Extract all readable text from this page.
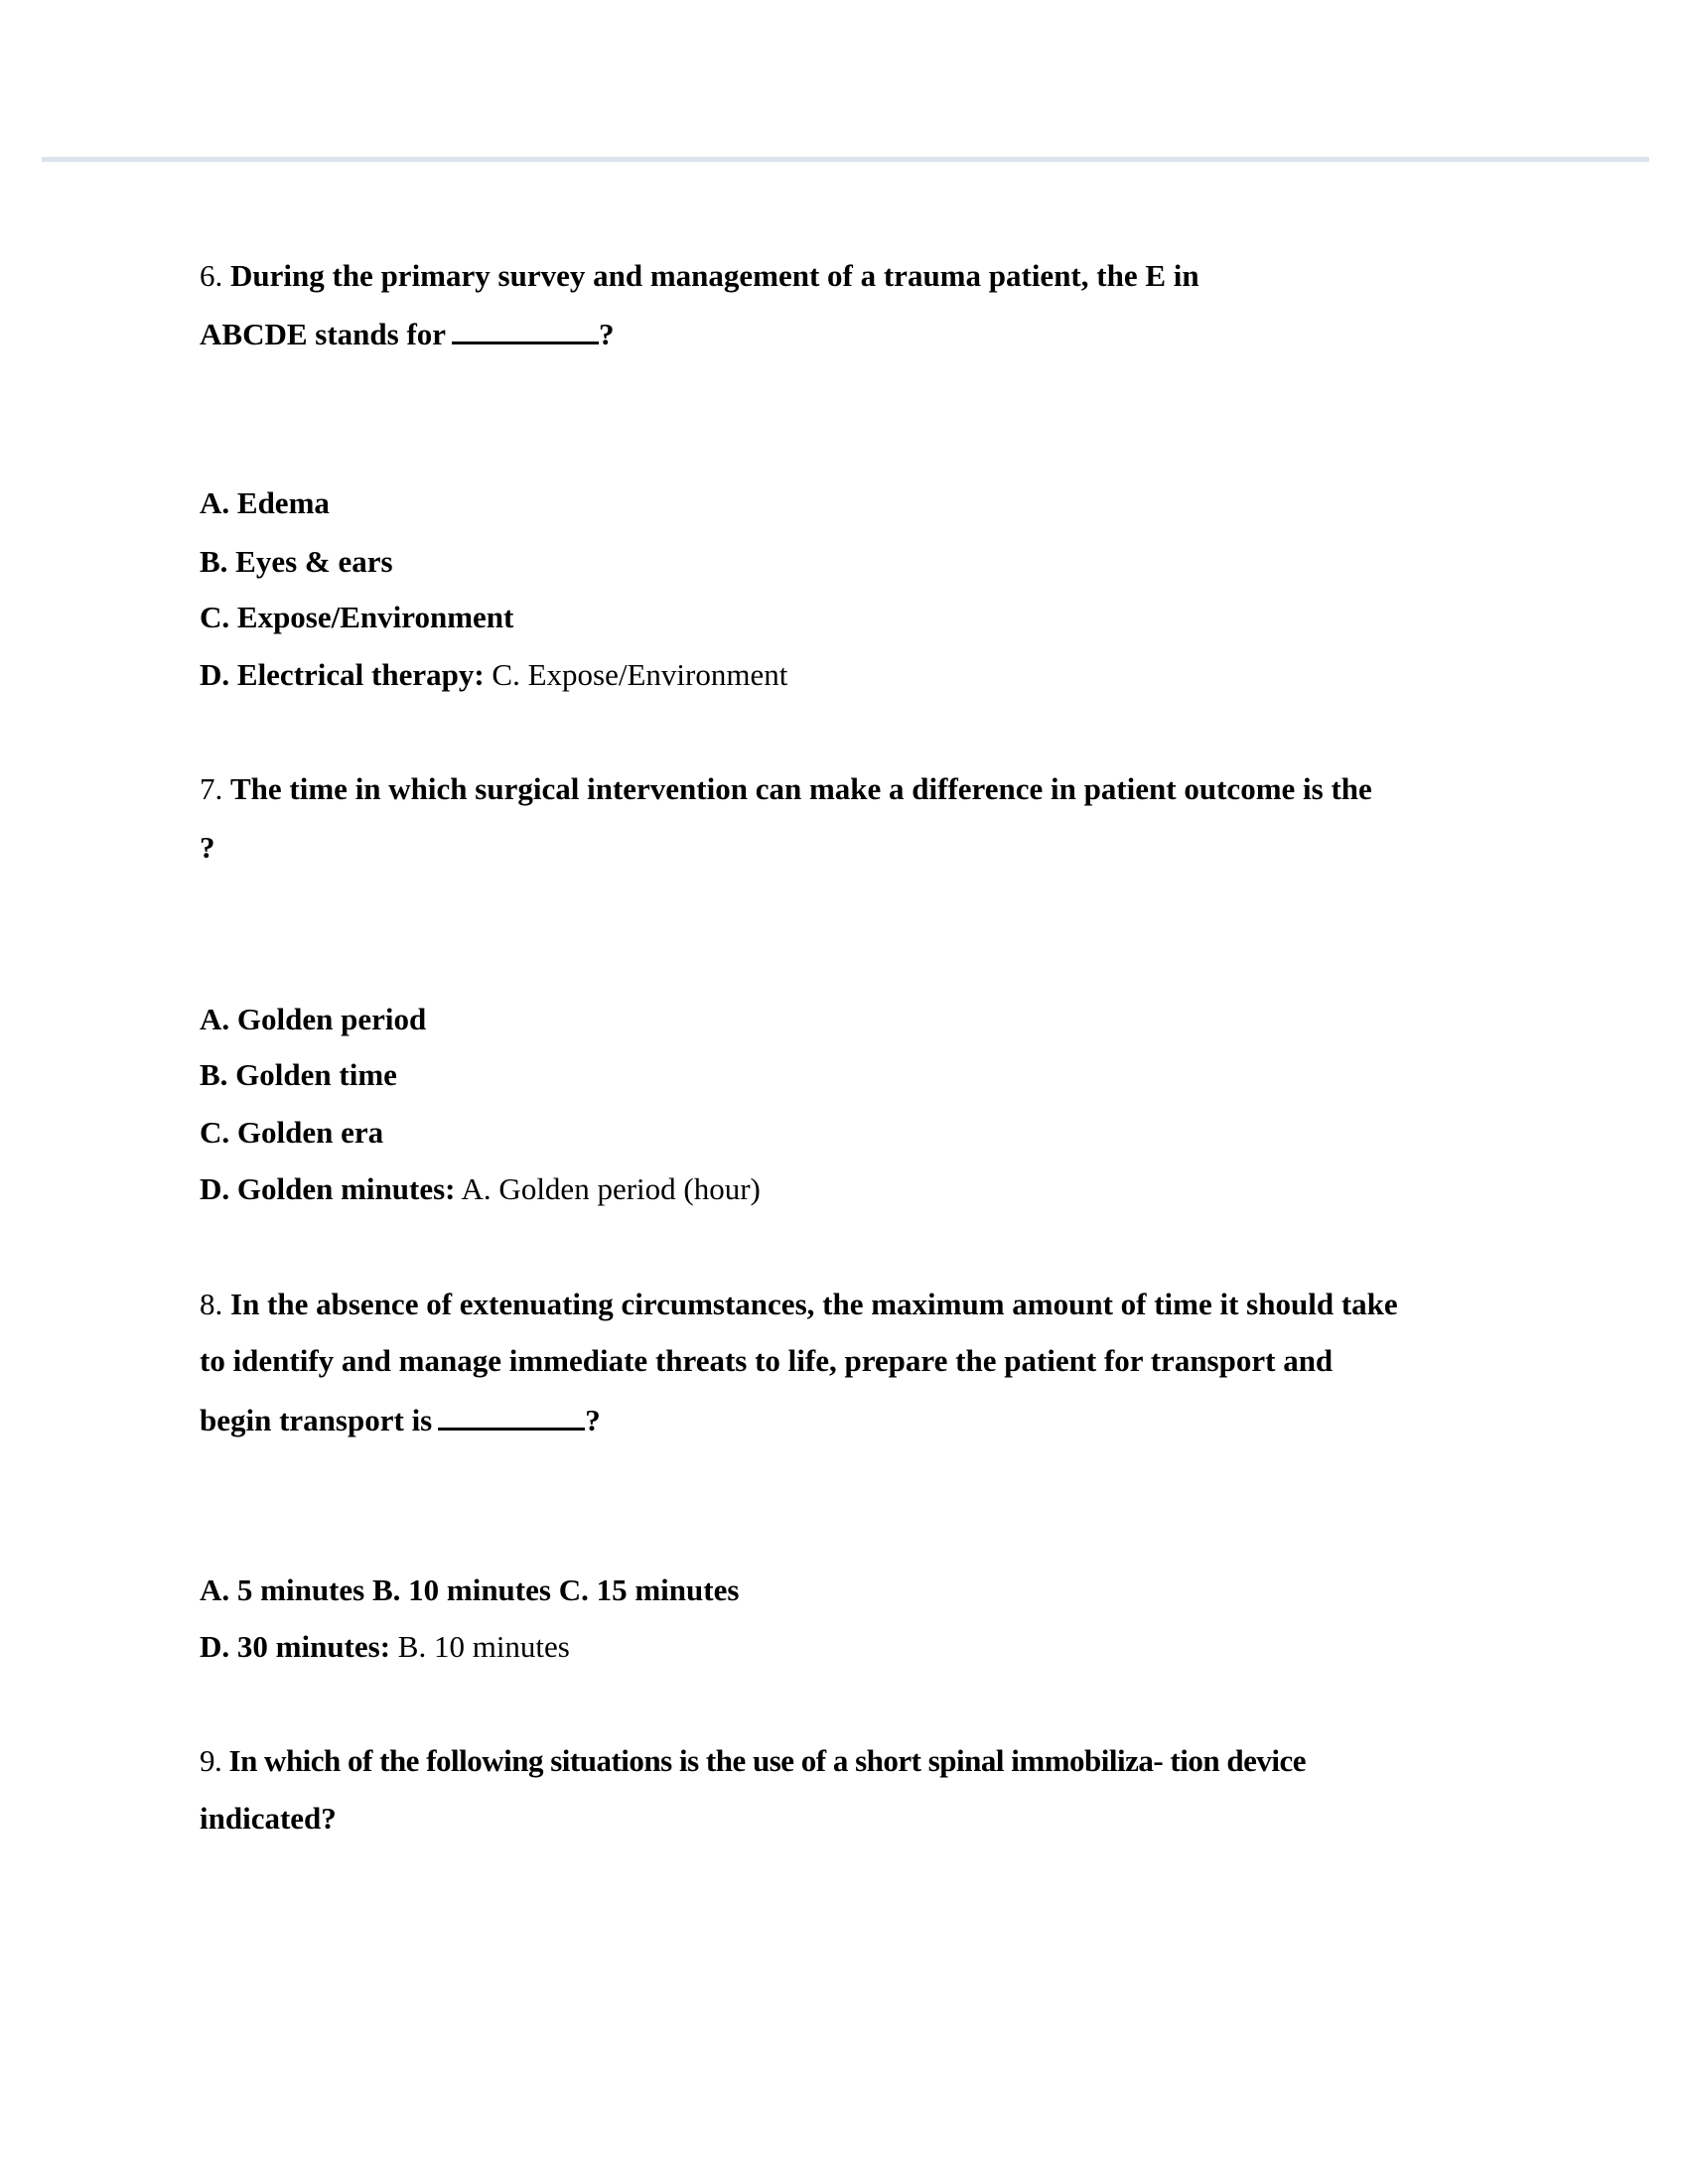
6. During the primary survey and management of a trauma patient, the E in
ABCDE stands for	?
A. Edema
B. Eyes & ears
C. Expose/Environment
D. Electrical therapy: C. Expose/Environment
7. The time in which surgical intervention can make a difference in patient outcome is the
?
A. Golden period
B. Golden time
C. Golden era
D. Golden minutes: A. Golden period (hour)
8. In the absence of extenuating circumstances, the maximum amount of time it should take
to identify and manage immediate threats to life, prepare the patient for transport and
begin transport is	?
A. 5 minutes B. 10 minutes C. 15 minutes
D. 30 minutes: B. 10 minutes
9. In which of the following situations is the use of a short spinal immobiliza- tion device
indicated?
